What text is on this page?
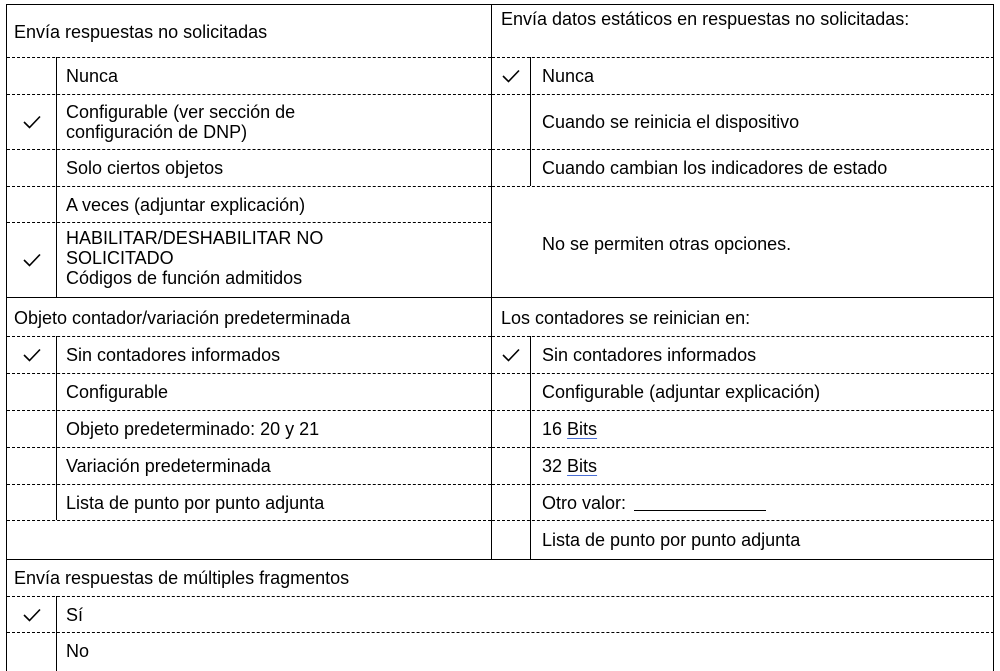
Envía respuestas no solicitadas
Nunca
Configurable (ver sección de configuración de DNP)
Solo ciertos objetos
A veces (adjuntar explicación)
HABILITAR/DESHABILITAR NO SOLICITADO
Códigos de función admitidos
Envía datos estáticos en respuestas no solicitadas:
Nunca
Cuando se reinicia el dispositivo
Cuando cambian los indicadores de estado
No se permiten otras opciones.
Objeto contador/variación predeterminada
Sin contadores informados
Configurable
Objeto predeterminado: 20 y 21
Variación predeterminada
Lista de punto por punto adjunta
Los contadores se reinician en:
Sin contadores informados
Configurable (adjuntar explicación)
16
Bits
32
Bits
Otro valor:
Lista de punto por punto adjunta
Envía respuestas de múltiples fragmentos
Sí
No
